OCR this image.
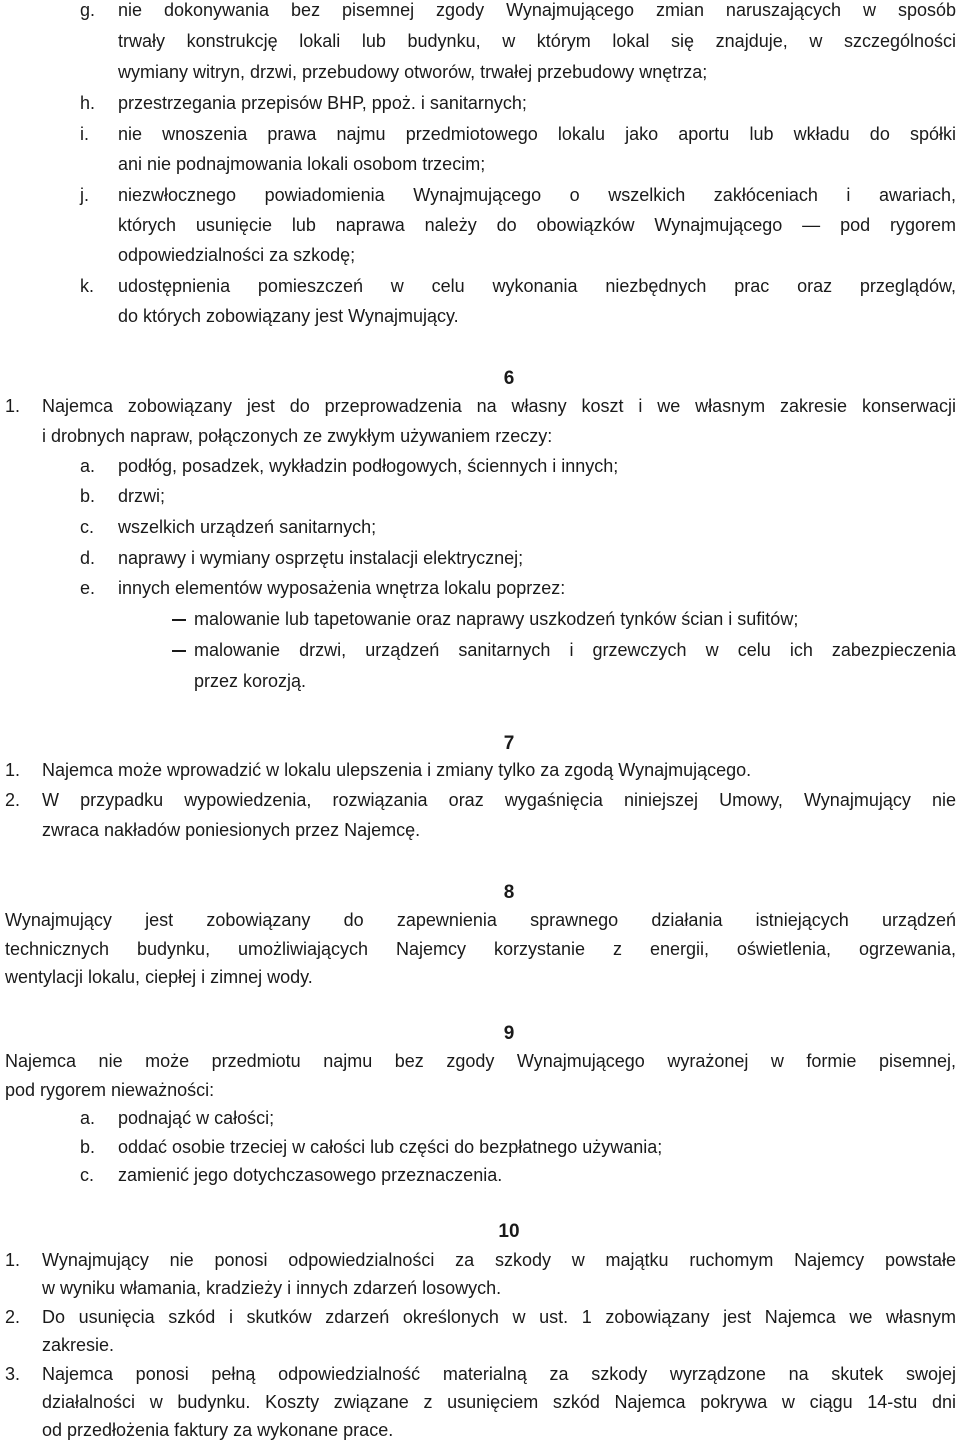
g. nie dokonywania bez pisemnej zgody Wynajmującego zmian naruszających w sposób
trwały konstrukcję lokali lub budynku, w którym lokal się znajduje, w szczególności
wymiany witryn, drzwi, przebudowy otworów, trwałej przebudowy wnętrza;
h. przestrzegania przepisów BHP, ppoż. i sanitarnych;
i. nie wnoszenia prawa najmu przedmiotowego lokalu jako aportu lub wkładu do spółki
ani nie podnajmowania lokali osobom trzecim;
j. niezwłocznego powiadomienia Wynajmującego o wszelkich zakłóceniach i awariach,
których usunięcie lub naprawa należy do obowiązków Wynajmującego — pod rygorem
odpowiedzialności za szkodę;
k. udostępnienia pomieszczeń w celu wykonania niezbędnych prac oraz przeglądów,
do których zobowiązany jest Wynajmujący.
6
1. Najemca zobowiązany jest do przeprowadzenia na własny koszt i we własnym zakresie konserwacji
i drobnych napraw, połączonych ze zwykłym używaniem rzeczy:
a. podłóg, posadzek, wykładzin podłogowych, ściennych i innych;
b. drzwi;
c. wszelkich urządzeń sanitarnych;
d. naprawy i wymiany osprzętu instalacji elektrycznej;
e. innych elementów wyposażenia wnętrza lokalu poprzez:
malowanie lub tapetowanie oraz naprawy uszkodzeń tynków ścian i sufitów;
malowanie drzwi, urządzeń sanitarnych i grzewczych w celu ich zabezpieczenia
przez korozją.
7
1. Najemca może wprowadzić w lokalu ulepszenia i zmiany tylko za zgodą Wynajmującego.
2. W przypadku wypowiedzenia, rozwiązania oraz wygaśnięcia niniejszej Umowy, Wynajmujący nie
zwraca nakładów poniesionych przez Najemcę.
8
Wynajmujący jest zobowiązany do zapewnienia sprawnego działania istniejących urządzeń
technicznych budynku, umożliwiających Najemcy korzystanie z energii, oświetlenia, ogrzewania,
wentylacji lokalu, ciepłej i zimnej wody.
9
Najemca nie może przedmiotu najmu bez zgody Wynajmującego wyrażonej w formie pisemnej,
pod rygorem nieważności:
a. podnająć w całości;
b. oddać osobie trzeciej w całości lub części do bezpłatnego używania;
c. zamienić jego dotychczasowego przeznaczenia.
10
1. Wynajmujący nie ponosi odpowiedzialności za szkody w majątku ruchomym Najemcy powstałe
w wyniku włamania, kradzieży i innych zdarzeń losowych.
2. Do usunięcia szkód i skutków zdarzeń określonych w ust. 1 zobowiązany jest Najemca we własnym
zakresie.
3. Najemca ponosi pełną odpowiedzialność materialną za szkody wyrządzone na skutek swojej
działalności w budynku. Koszty związane z usunięciem szkód Najemca pokrywa w ciągu 14-stu dni
od przedłożenia faktury za wykonane prace.
